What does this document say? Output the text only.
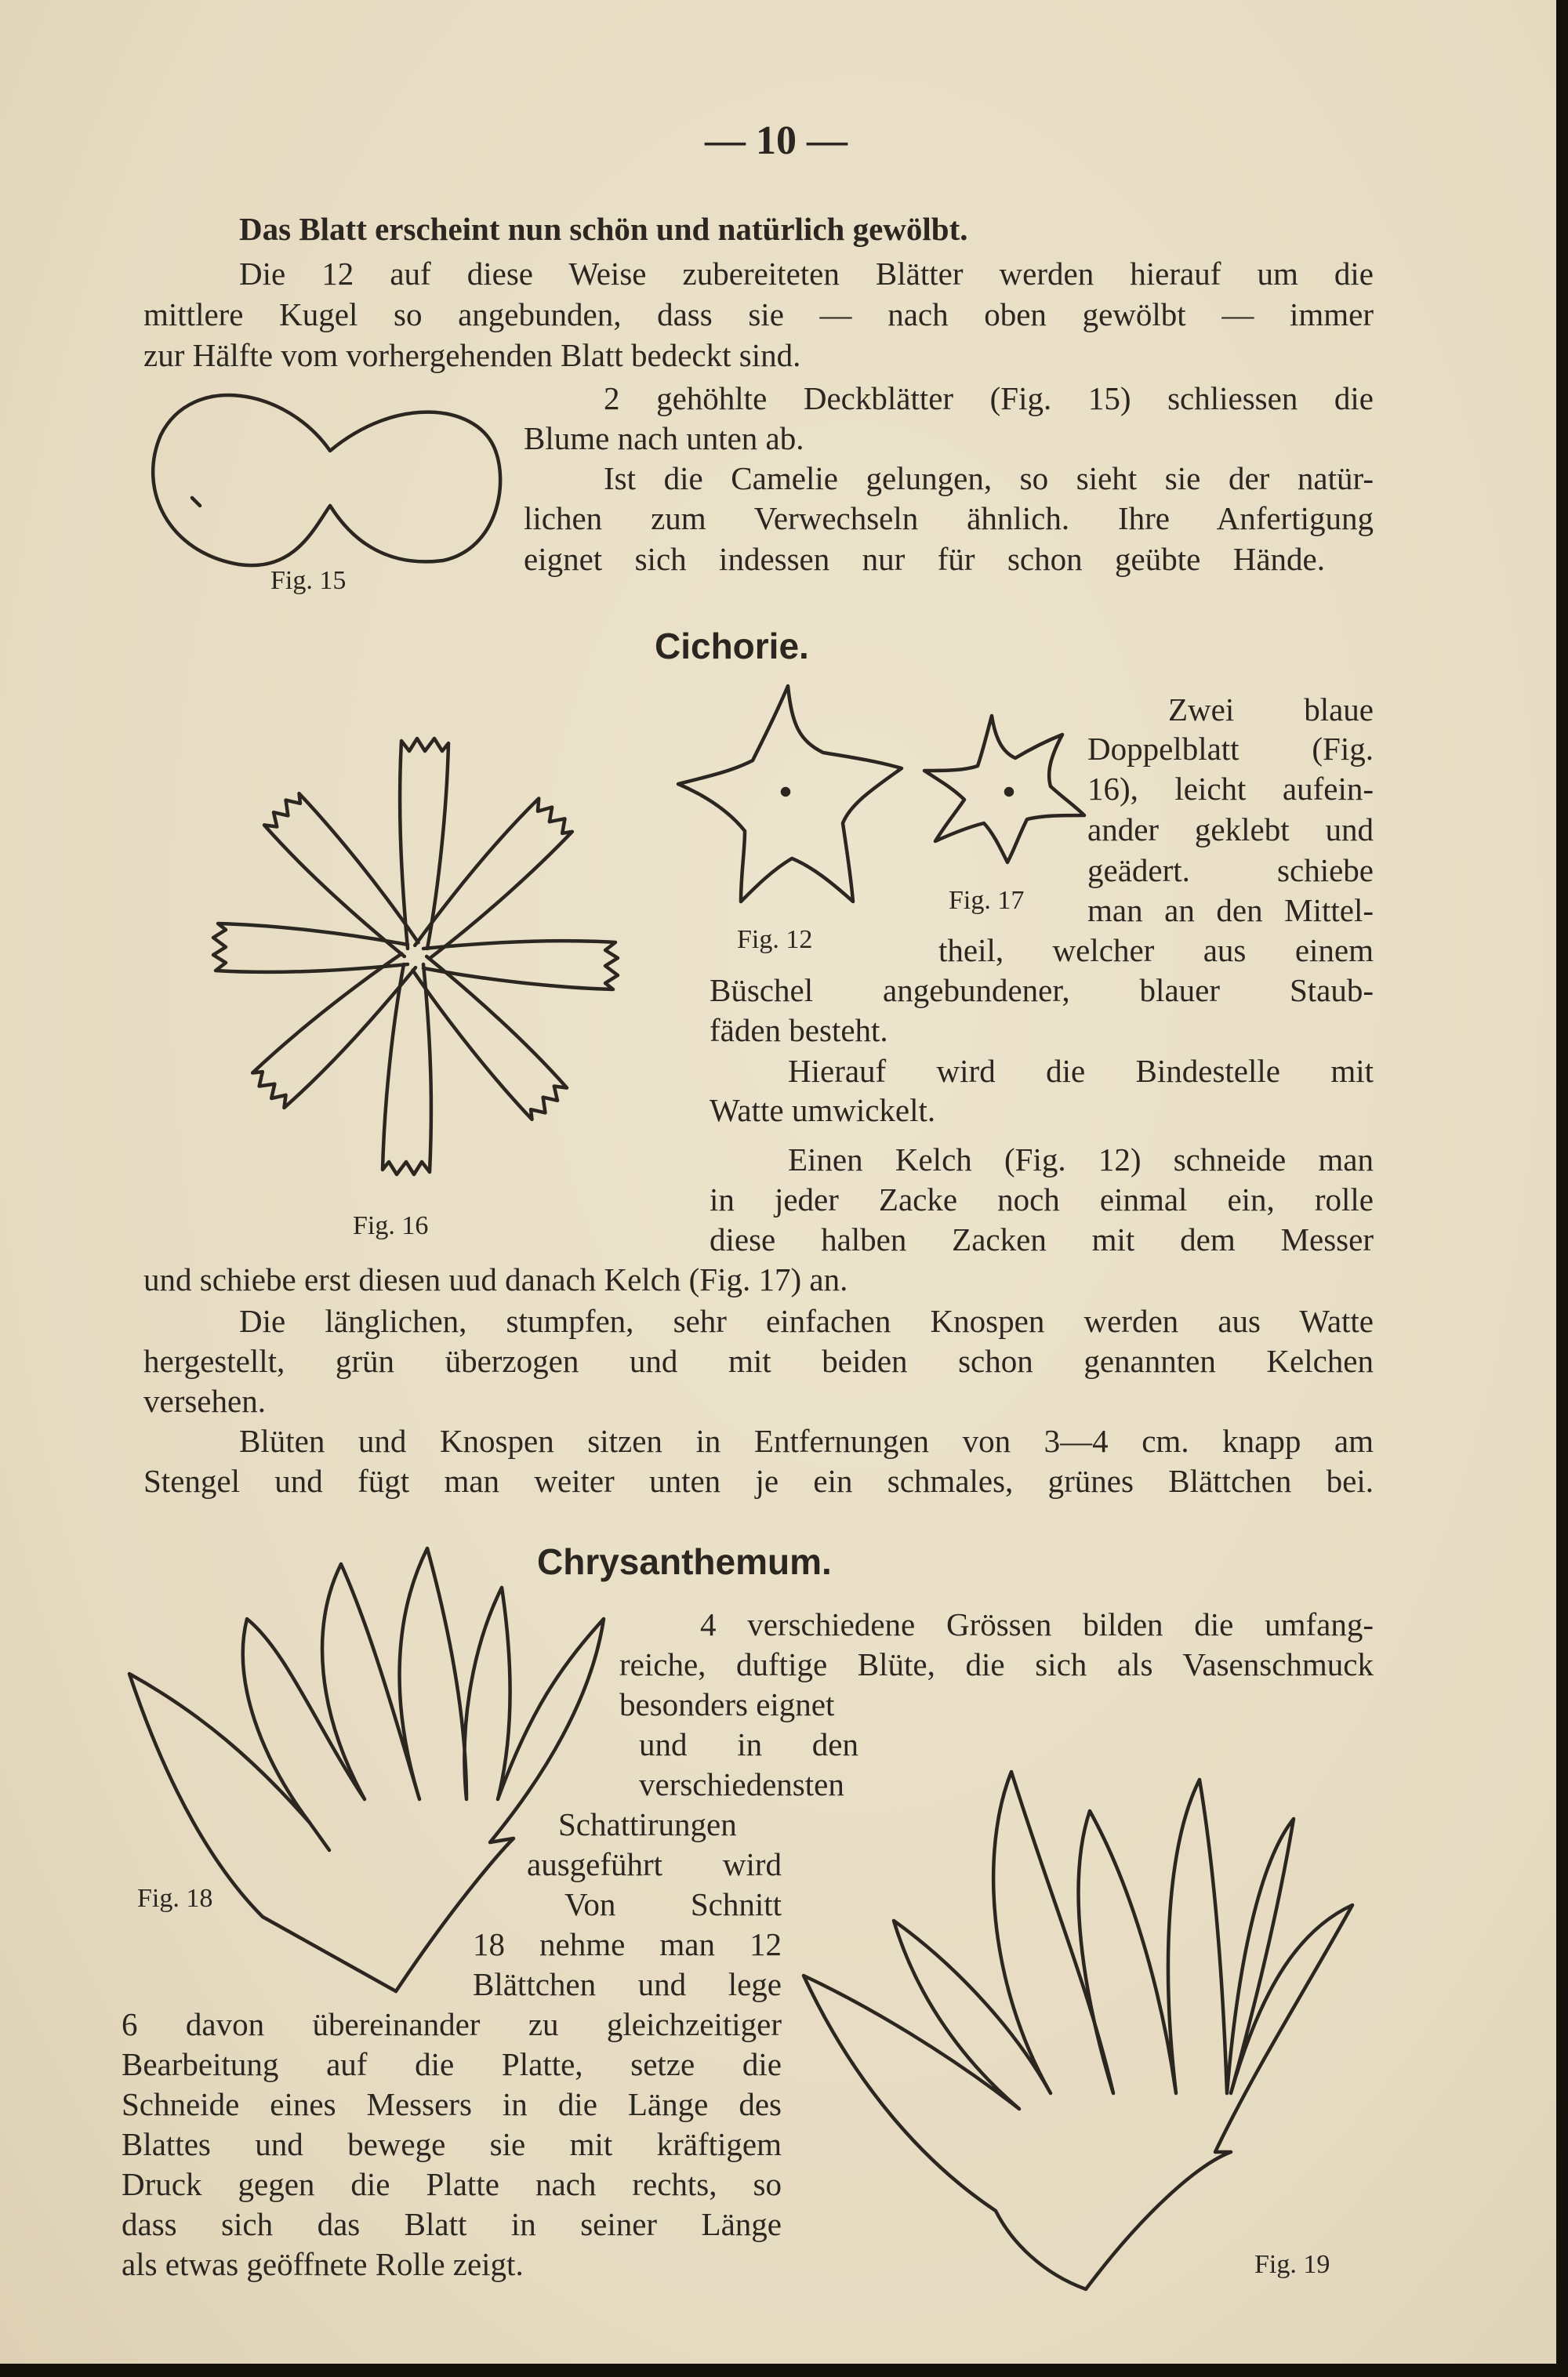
— 10 —

Das Blatt erscheint nun schön und natürlich gewölbt.

Die 12 auf diese Weise zubereiteten Blätter werden hierauf um die

mittlere Kugel so angebunden, dass sie — nach oben gewölbt — immer

zur Hälfte vom vorhergehenden Blatt bedeckt sind.

2 gehöhlte Deckblätter (Fig. 15) schliessen die

Blume nach unten ab.

Ist die Camelie gelungen, so sieht sie der natür-

lichen zum Verwechseln ähnlich. Ihre Anfertigung

eignet sich indessen nur für schon geübte Hände.

Fig. 15
Cichorie.

Zwei blaue

Doppelblatt (Fig.

16), leicht aufein-

ander geklebt und

geädert. schiebe

man an den Mittel-

theil, welcher aus einem

Büschel angebundener, blauer Staub-

fäden besteht.

Hierauf wird die Bindestelle mit

Watte umwickelt.

Einen Kelch (Fig. 12) schneide man

in jeder Zacke noch einmal ein, rolle

diese halben Zacken mit dem Messer

und schiebe erst diesen uud danach Kelch (Fig. 17) an.

Die länglichen, stumpfen, sehr einfachen Knospen werden aus Watte

hergestellt, grün überzogen und mit beiden schon genannten Kelchen

versehen.

Blüten und Knospen sitzen in Entfernungen von 3—4 cm. knapp am

Stengel und fügt man weiter unten je ein schmales, grünes Blättchen bei.

Fig. 16
Fig. 12
Fig. 17
Chrysanthemum.

4 verschiedene Grössen bilden die umfang-

reiche, duftige Blüte, die sich als Vasenschmuck

besonders eignet

und in den

verschiedensten

Schattirungen

ausgeführt wird

Von Schnitt

18 nehme man 12

Blättchen und lege

6 davon übereinander zu gleichzeitiger

Bearbeitung auf die Platte, setze die

Schneide eines Messers in die Länge des

Blattes und bewege sie mit kräftigem

Druck gegen die Platte nach rechts, so

dass sich das Blatt in seiner Länge

als etwas geöffnete Rolle zeigt.

Fig. 18
Fig. 19
